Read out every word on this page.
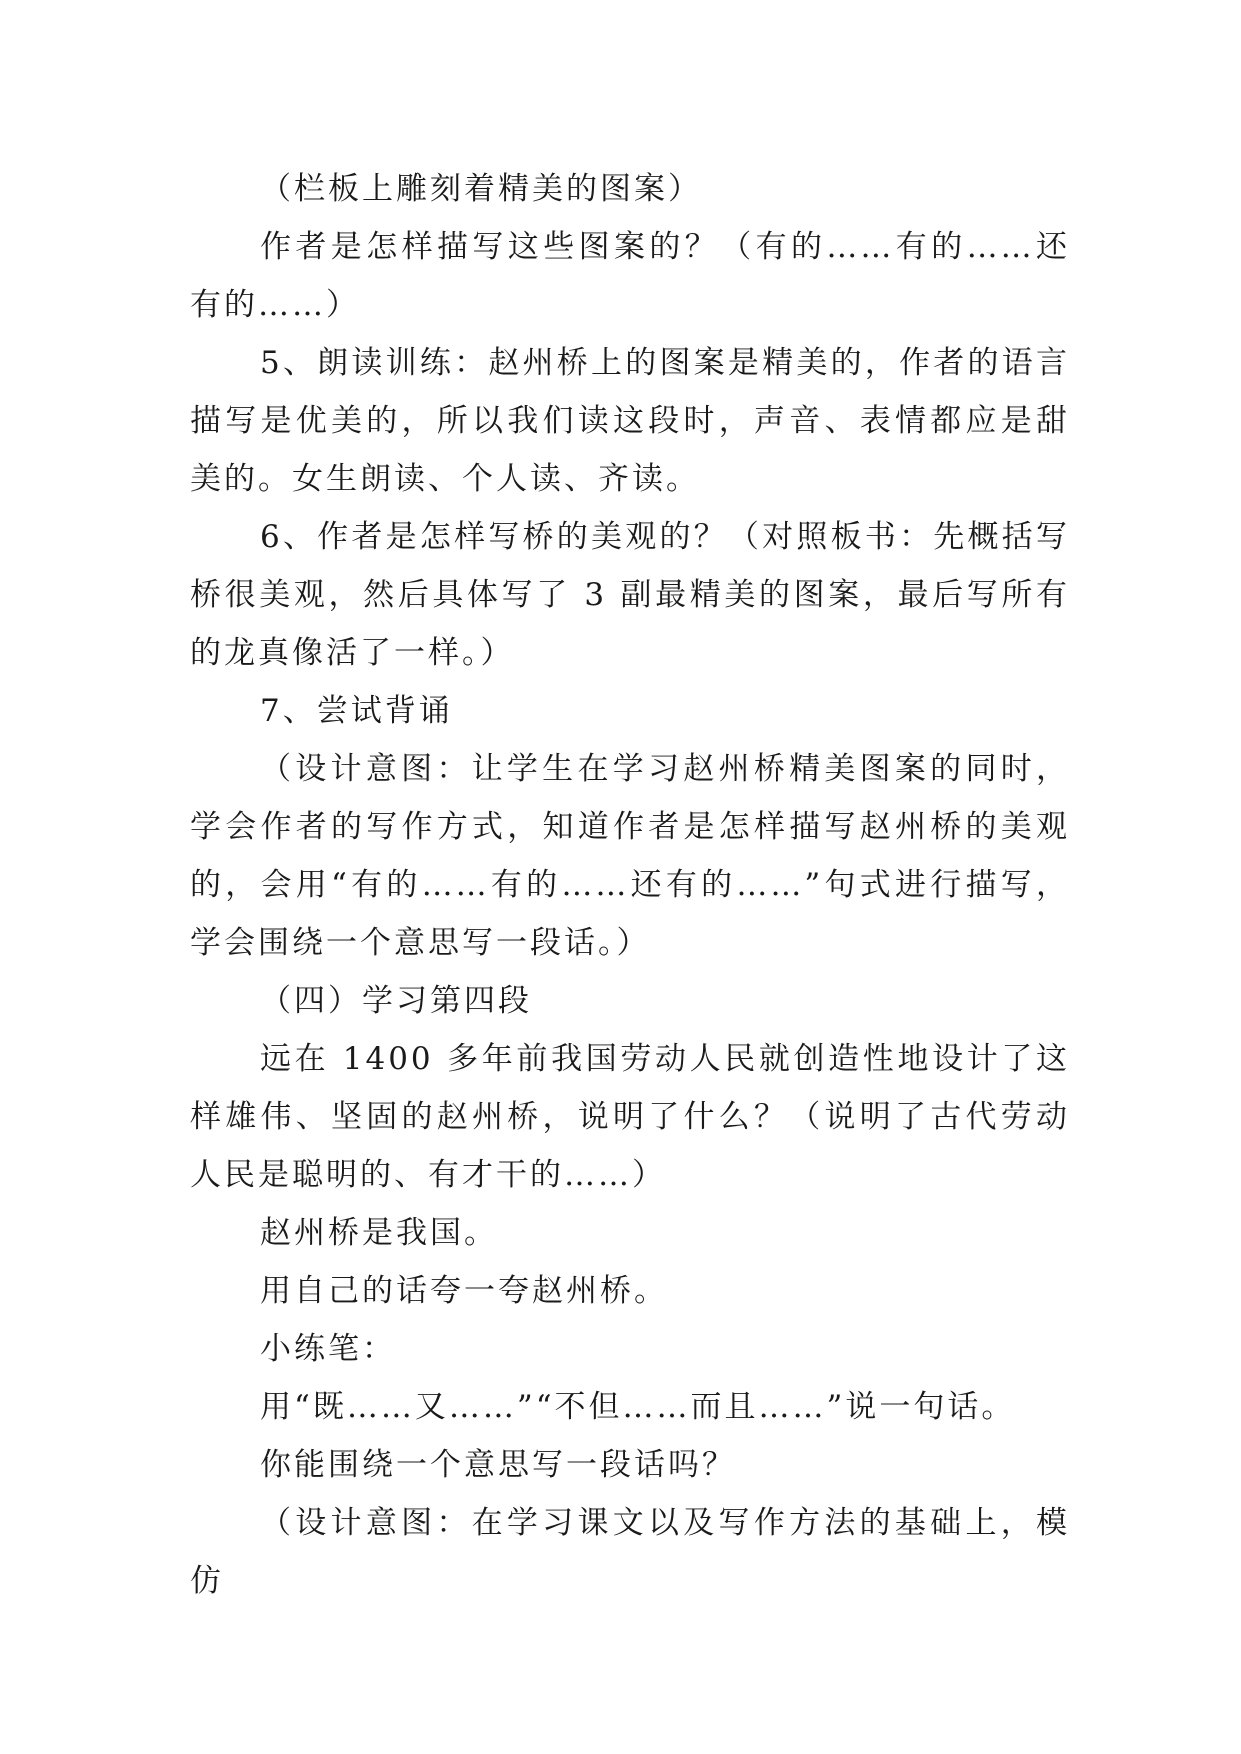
（栏板上雕刻着精美的图案）

作者是怎样描写这些图案的？（有的……有的……还有的……）

5、朗读训练：赵州桥上的图案是精美的，作者的语言描写是优美的，所以我们读这段时，声音、表情都应是甜美的。女生朗读、个人读、齐读。

6、作者是怎样写桥的美观的？（对照板书：先概括写桥很美观，然后具体写了 3 副最精美的图案，最后写所有的龙真像活了一样。）

7、尝试背诵

（设计意图：让学生在学习赵州桥精美图案的同时，学会作者的写作方式，知道作者是怎样描写赵州桥的美观的，会用“有的……有的……还有的……”句式进行描写，学会围绕一个意思写一段话。）

（四）学习第四段

远在 1400 多年前我国劳动人民就创造性地设计了这样雄伟、坚固的赵州桥，说明了什么？（说明了古代劳动人民是聪明的、有才干的……）

赵州桥是我国。

用自己的话夸一夸赵州桥。

小练笔：

用“既……又……”“不但……而且……”说一句话。

你能围绕一个意思写一段话吗？

（设计意图：在学习课文以及写作方法的基础上，模仿
